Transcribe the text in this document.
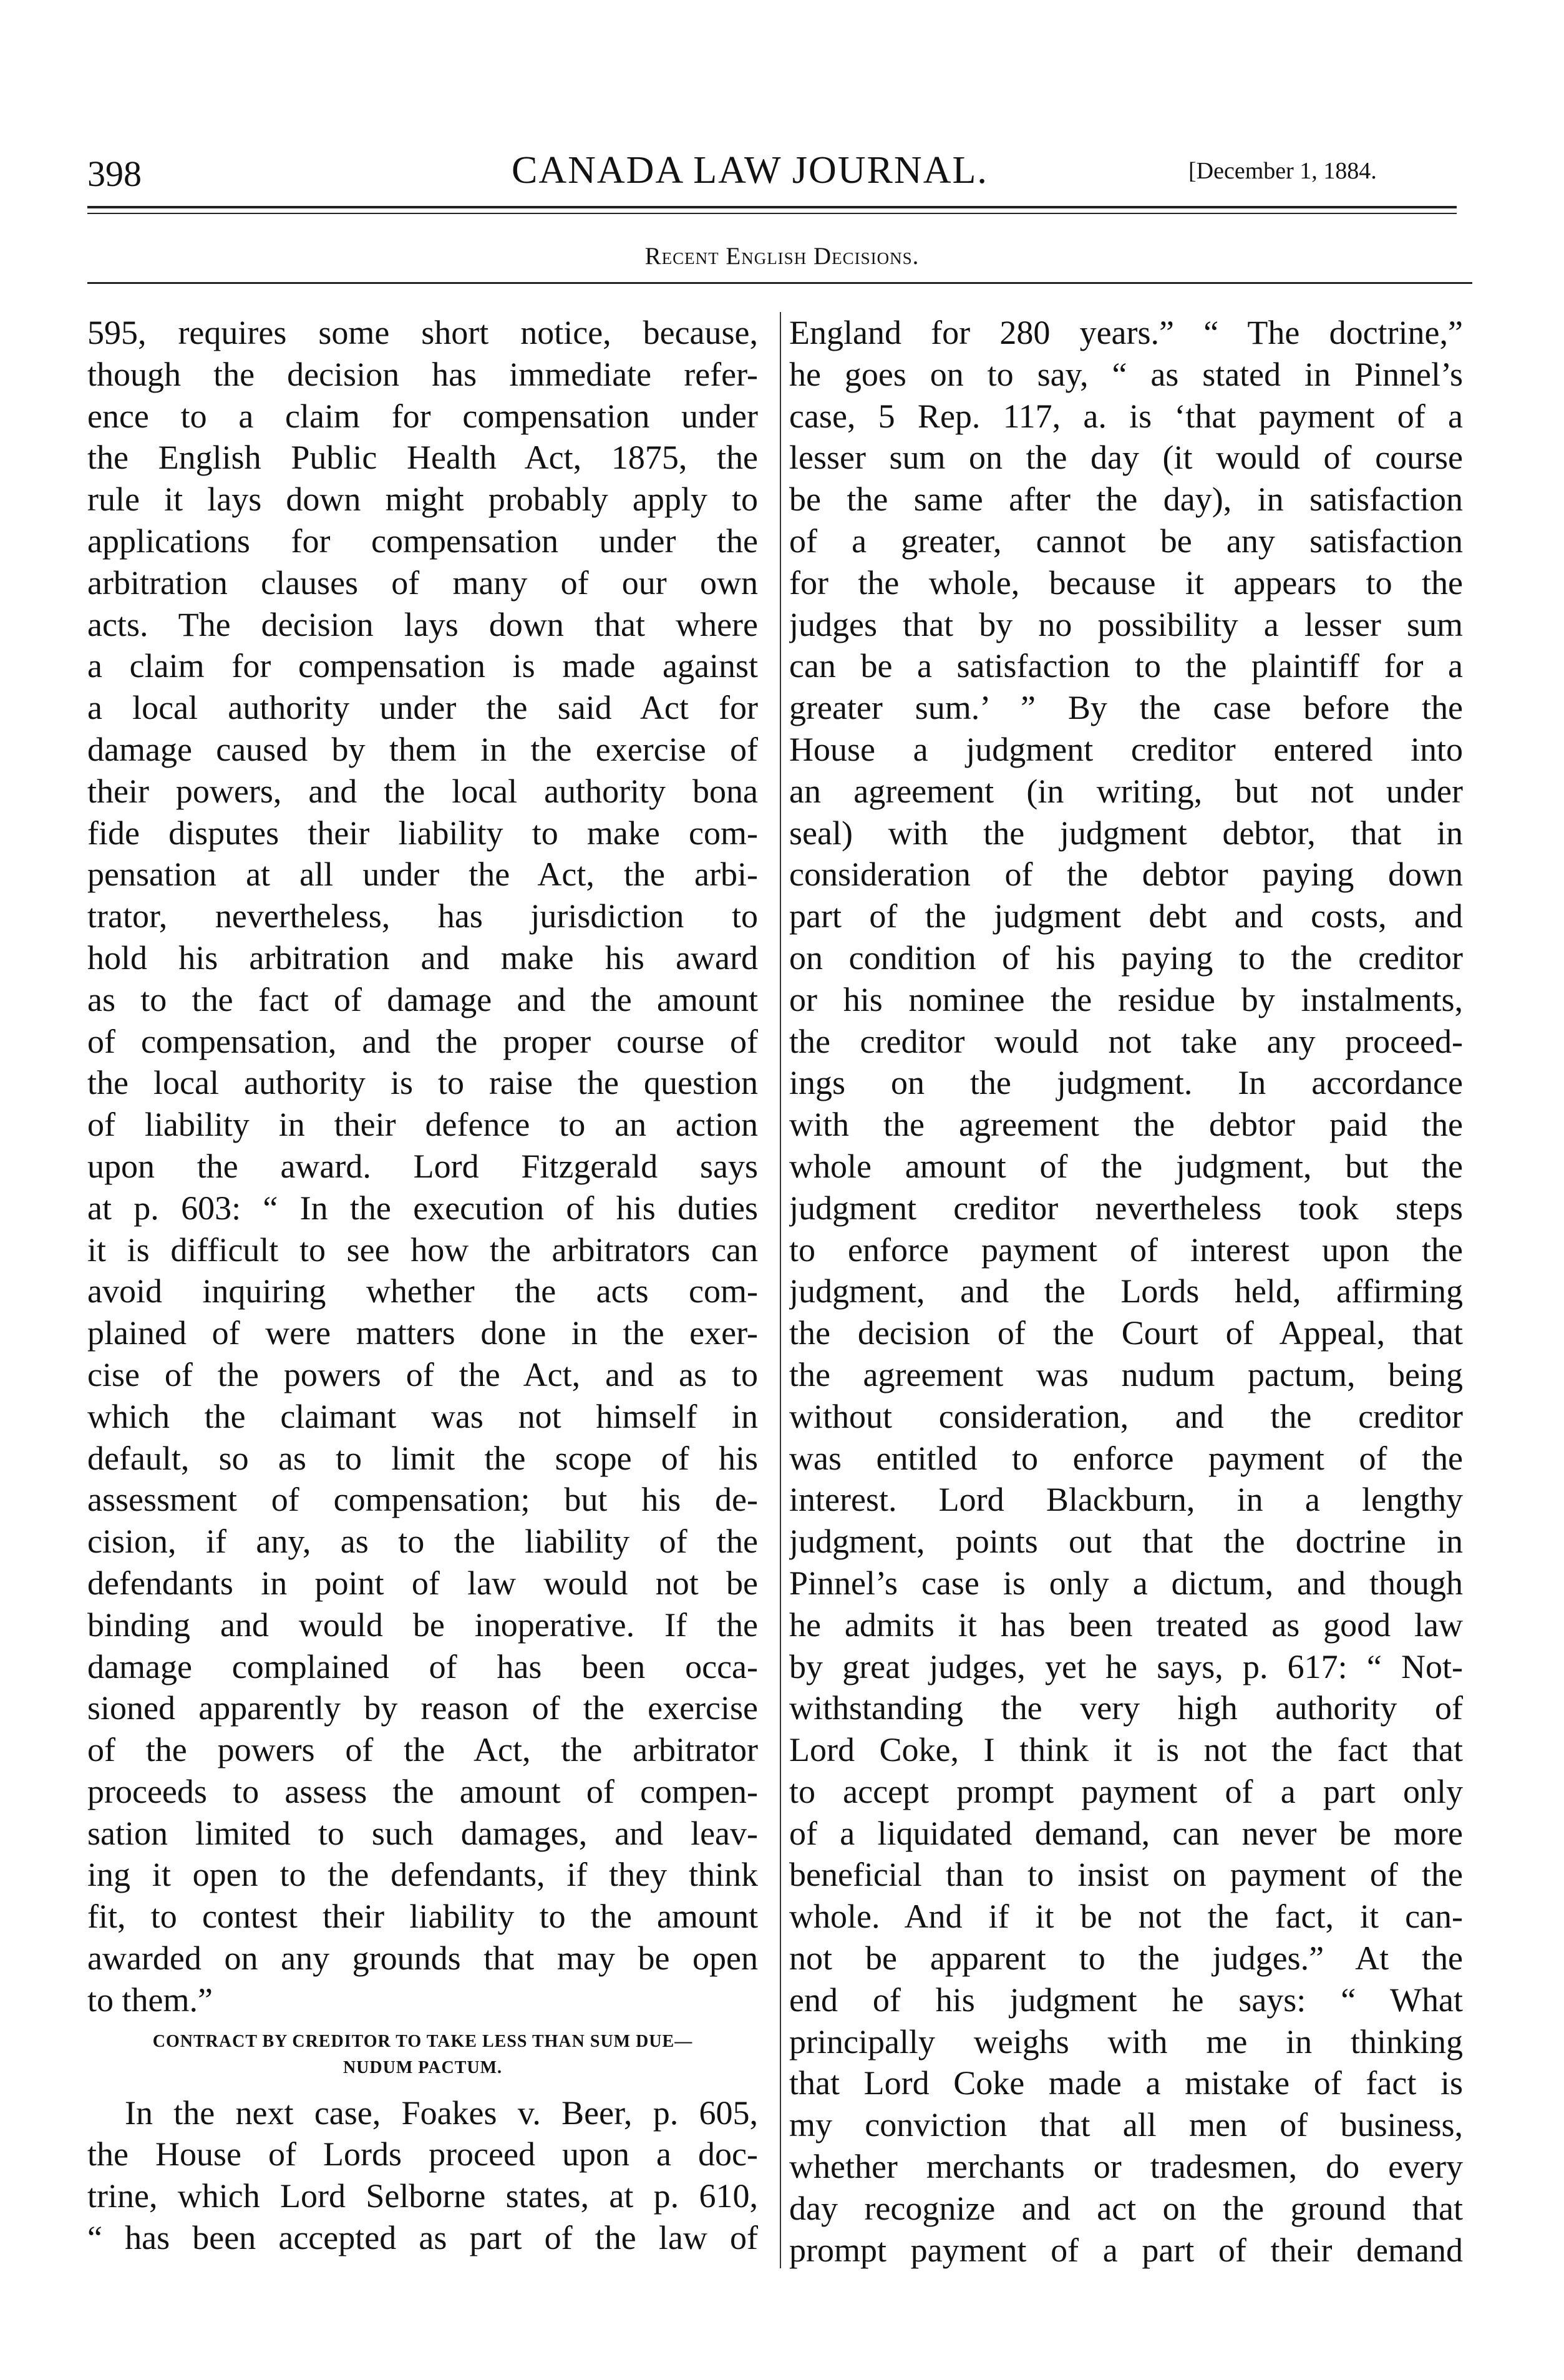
398	CANADA LAW JOURNAL.	[December 1, 1884.
Recent English Decisions.
595, requires some short notice, because,
though the decision has immediate refer-
ence to a claim for compensation under
the English Public Health Act, 1875, the
rule it lays down might probably apply to
applications for compensation under the
arbitration clauses of many of our own
acts. The decision lays down that where
a claim for compensation is made against
a local authority under the said Act for
damage caused by them in the exercise of
their powers, and the local authority bona
fide disputes their liability to make com-
pensation at all under the Act, the arbi-
trator, nevertheless, has jurisdiction to
hold his arbitration and make his award
as to the fact of damage and the amount
of compensation, and the proper course of
the local authority is to raise the question
of liability in their defence to an action
upon the award. Lord Fitzgerald says
at p. 603: “ In the execution of his duties
it is difficult to see how the arbitrators can
avoid inquiring whether the acts com-
plained of were matters done in the exer-
cise of the powers of the Act, and as to
which the claimant was not himself in
default, so as to limit the scope of his
assessment of compensation; but his de-
cision, if any, as to the liability of the
defendants in point of law would not be
binding and would be inoperative. If the
damage complained of has been occa-
sioned apparently by reason of the exercise
of the powers of the Act, the arbitrator
proceeds to assess the amount of compen-
sation limited to such damages, and leav-
ing it open to the defendants, if they think
fit, to contest their liability to the amount
awarded on any grounds that may be open
to them.”
CONTRACT BY CREDITOR TO TAKE LESS THAN SUM DUE—
NUDUM PACTUM.
In the next case, Foakes v. Beer, p. 605,
the House of Lords proceed upon a doc-
trine, which Lord Selborne states, at p. 610,
“ has been accepted as part of the law of
England for 280 years.” “ The doctrine,”
he goes on to say, “ as stated in Pinnel’s
case, 5 Rep. 117, a. is ‘that payment of a
lesser sum on the day (it would of course
be the same after the day), in satisfaction
of a greater, cannot be any satisfaction
for the whole, because it appears to the
judges that by no possibility a lesser sum
can be a satisfaction to the plaintiff for a
greater sum.’ ” By the case before the
House a judgment creditor entered into
an agreement (in writing, but not under
seal) with the judgment debtor, that in
consideration of the debtor paying down
part of the judgment debt and costs, and
on condition of his paying to the creditor
or his nominee the residue by instalments,
the creditor would not take any proceed-
ings on the judgment. In accordance
with the agreement the debtor paid the
whole amount of the judgment, but the
judgment creditor nevertheless took steps
to enforce payment of interest upon the
judgment, and the Lords held, affirming
the decision of the Court of Appeal, that
the agreement was nudum pactum, being
without consideration, and the creditor
was entitled to enforce payment of the
interest. Lord Blackburn, in a lengthy
judgment, points out that the doctrine in
Pinnel’s case is only a dictum, and though
he admits it has been treated as good law
by great judges, yet he says, p. 617: “ Not-
withstanding the very high authority of
Lord Coke, I think it is not the fact that
to accept prompt payment of a part only
of a liquidated demand, can never be more
beneficial than to insist on payment of the
whole. And if it be not the fact, it can-
not be apparent to the judges.” At the
end of his judgment he says: “ What
principally weighs with me in thinking
that Lord Coke made a mistake of fact is
my conviction that all men of business,
whether merchants or tradesmen, do every
day recognize and act on the ground that
prompt payment of a part of their demand
